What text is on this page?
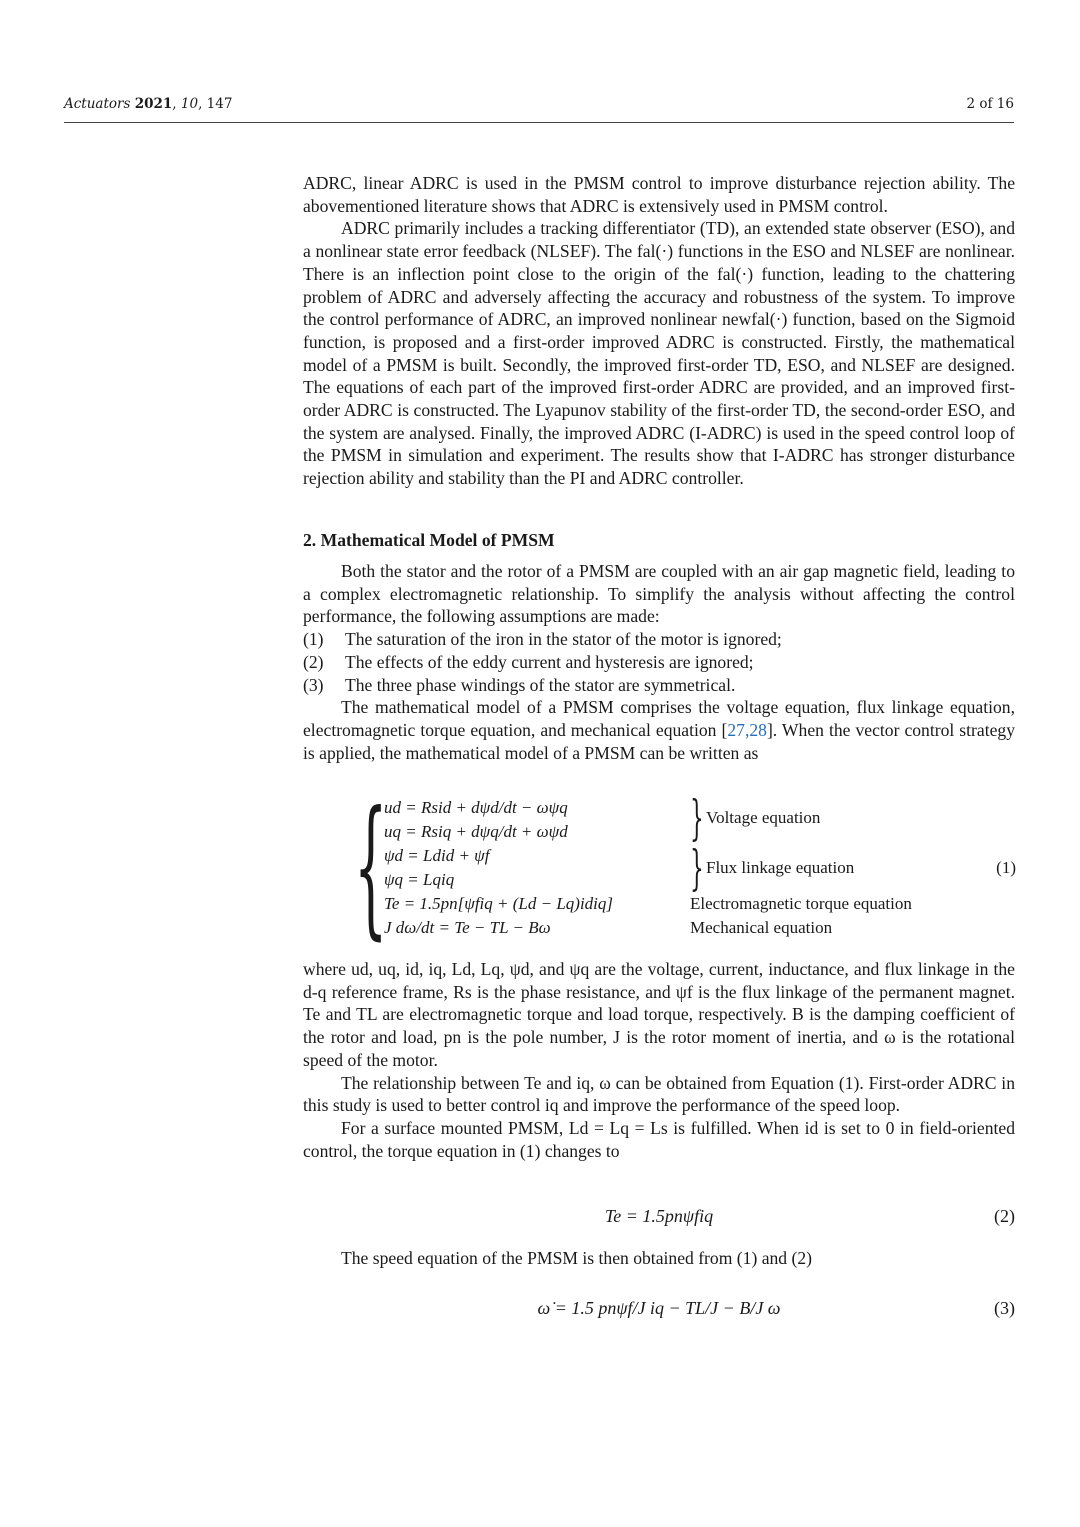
Actuators 2021, 10, 147	2 of 16

ADRC, linear ADRC is used in the PMSM control to improve disturbance rejection ability. The abovementioned literature shows that ADRC is extensively used in PMSM control.

ADRC primarily includes a tracking differentiator (TD), an extended state observer (ESO), and a nonlinear state error feedback (NLSEF). The fal(·) functions in the ESO and NLSEF are nonlinear. There is an inflection point close to the origin of the fal(·) function, leading to the chattering problem of ADRC and adversely affecting the accuracy and robustness of the system. To improve the control performance of ADRC, an improved nonlinear newfal(·) function, based on the Sigmoid function, is proposed and a first-order improved ADRC is constructed. Firstly, the mathematical model of a PMSM is built. Secondly, the improved first-order TD, ESO, and NLSEF are designed. The equations of each part of the improved first-order ADRC are provided, and an improved first-order ADRC is constructed. The Lyapunov stability of the first-order TD, the second-order ESO, and the system are analysed. Finally, the improved ADRC (I-ADRC) is used in the speed control loop of the PMSM in simulation and experiment. The results show that I-ADRC has stronger disturbance rejection ability and stability than the PI and ADRC controller.

2. Mathematical Model of PMSM

Both the stator and the rotor of a PMSM are coupled with an air gap magnetic field, leading to a complex electromagnetic relationship. To simplify the analysis without affecting the control performance, the following assumptions are made:

(1) The saturation of the iron in the stator of the motor is ignored;
(2) The effects of the eddy current and hysteresis are ignored;
(3) The three phase windings of the stator are symmetrical.

The mathematical model of a PMSM comprises the voltage equation, flux linkage equation, electromagnetic torque equation, and mechanical equation [27,28]. When the vector control strategy is applied, the mathematical model of a PMSM can be written as

{
ud = Rsid + dψd/dt − ωψq
uq = Rsiq + dψq/dt + ωψd
ψd = Ldid + ψf
ψq = Lqiq
Te = 1.5pn[ψfiq + (Ld − Lq)idiq]
J dω/dt = Te − TL − Bω
}
}
Voltage equation
Flux linkage equation
Electromagnetic torque equation
Mechanical equation
(1)

where ud, uq, id, iq, Ld, Lq, ψd, and ψq are the voltage, current, inductance, and flux linkage in the d-q reference frame, Rs is the phase resistance, and ψf is the flux linkage of the permanent magnet. Te and TL are electromagnetic torque and load torque, respectively. B is the damping coefficient of the rotor and load, pn is the pole number, J is the rotor moment of inertia, and ω is the rotational speed of the motor.

The relationship between Te and iq, ω can be obtained from Equation (1). First-order ADRC in this study is used to better control iq and improve the performance of the speed loop.

For a surface mounted PMSM, Ld = Lq = Ls is fulfilled. When id is set to 0 in field-oriented control, the torque equation in (1) changes to

Te = 1.5pnψfiq	(2)

The speed equation of the PMSM is then obtained from (1) and (2)

ω̇ = 1.5 pnψf/J iq − TL/J − B/J ω	(3)
